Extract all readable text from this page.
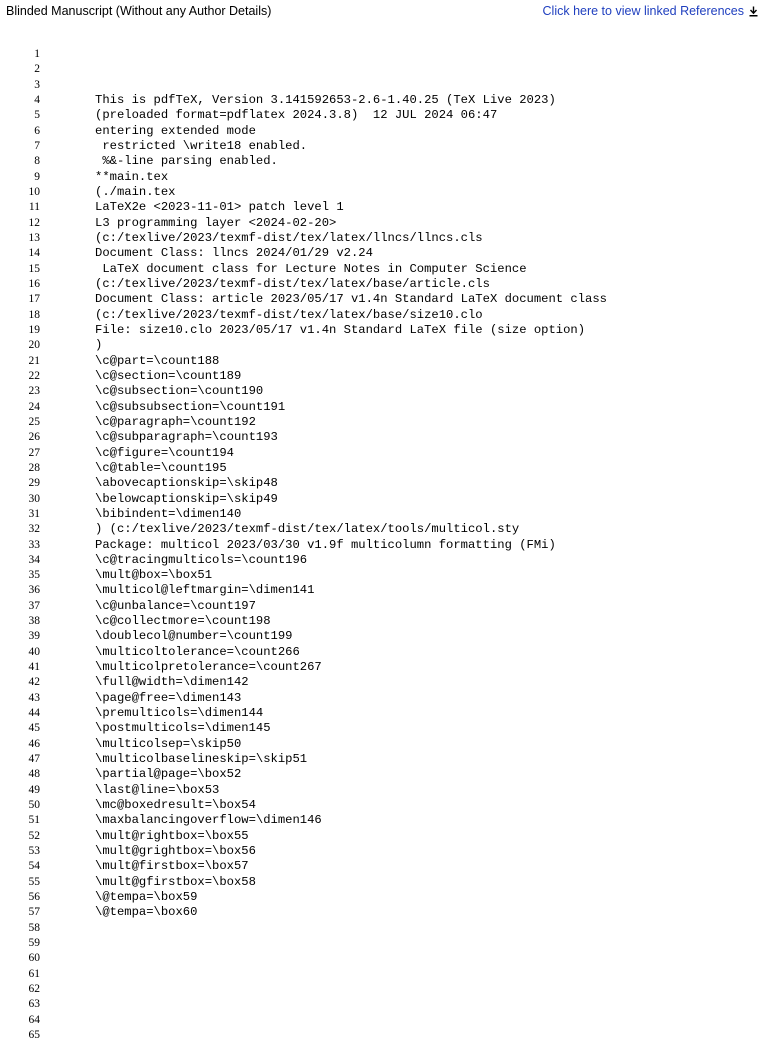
Blinded Manuscript (Without any Author Details)	Click here to view linked References
1
2
3
4
5
6
7
8
9
10
11
12
13
14
15
16
17
18
19
20
21
22
23
24
25
26
27
28
29
30
31
32
33
34
35
36
37
38
39
40
41
42
43
44
45
46
47
48
49
50
51
52
53
54
55
56
57
58
59
60
61
62
63
64
65
This is pdfTeX, Version 3.141592653-2.6-1.40.25 (TeX Live 2023)
(preloaded format=pdflatex 2024.3.8)  12 JUL 2024 06:47
entering extended mode
restricted \write18 enabled.
%&-line parsing enabled.
**main.tex
(./main.tex
LaTeX2e <2023-11-01> patch level 1
L3 programming layer <2024-02-20>
(c:/texlive/2023/texmf-dist/tex/latex/llncs/llncs.cls
Document Class: llncs 2024/01/29 v2.24
LaTeX document class for Lecture Notes in Computer Science
(c:/texlive/2023/texmf-dist/tex/latex/base/article.cls
Document Class: article 2023/05/17 v1.4n Standard LaTeX document class
(c:/texlive/2023/texmf-dist/tex/latex/base/size10.clo
File: size10.clo 2023/05/17 v1.4n Standard LaTeX file (size option)
)
\c@part=\count188
\c@section=\count189
\c@subsection=\count190
\c@subsubsection=\count191
\c@paragraph=\count192
\c@subparagraph=\count193
\c@figure=\count194
\c@table=\count195
\abovecaptionskip=\skip48
\belowcaptionskip=\skip49
\bibindent=\dimen140
) (c:/texlive/2023/texmf-dist/tex/latex/tools/multicol.sty
Package: multicol 2023/03/30 v1.9f multicolumn formatting (FMi)
\c@tracingmulticols=\count196
\mult@box=\box51
\multicol@leftmargin=\dimen141
\c@unbalance=\count197
\c@collectmore=\count198
\doublecol@number=\count199
\multicoltolerance=\count266
\multicolpretolerance=\count267
\full@width=\dimen142
\page@free=\dimen143
\premulticols=\dimen144
\postmulticols=\dimen145
\multicolsep=\skip50
\multicolbaselineskip=\skip51
\partial@page=\box52
\last@line=\box53
\mc@boxedresult=\box54
\maxbalancingoverflow=\dimen146
\mult@rightbox=\box55
\mult@grightbox=\box56
\mult@firstbox=\box57
\mult@gfirstbox=\box58
\@tempa=\box59
\@tempa=\box60
